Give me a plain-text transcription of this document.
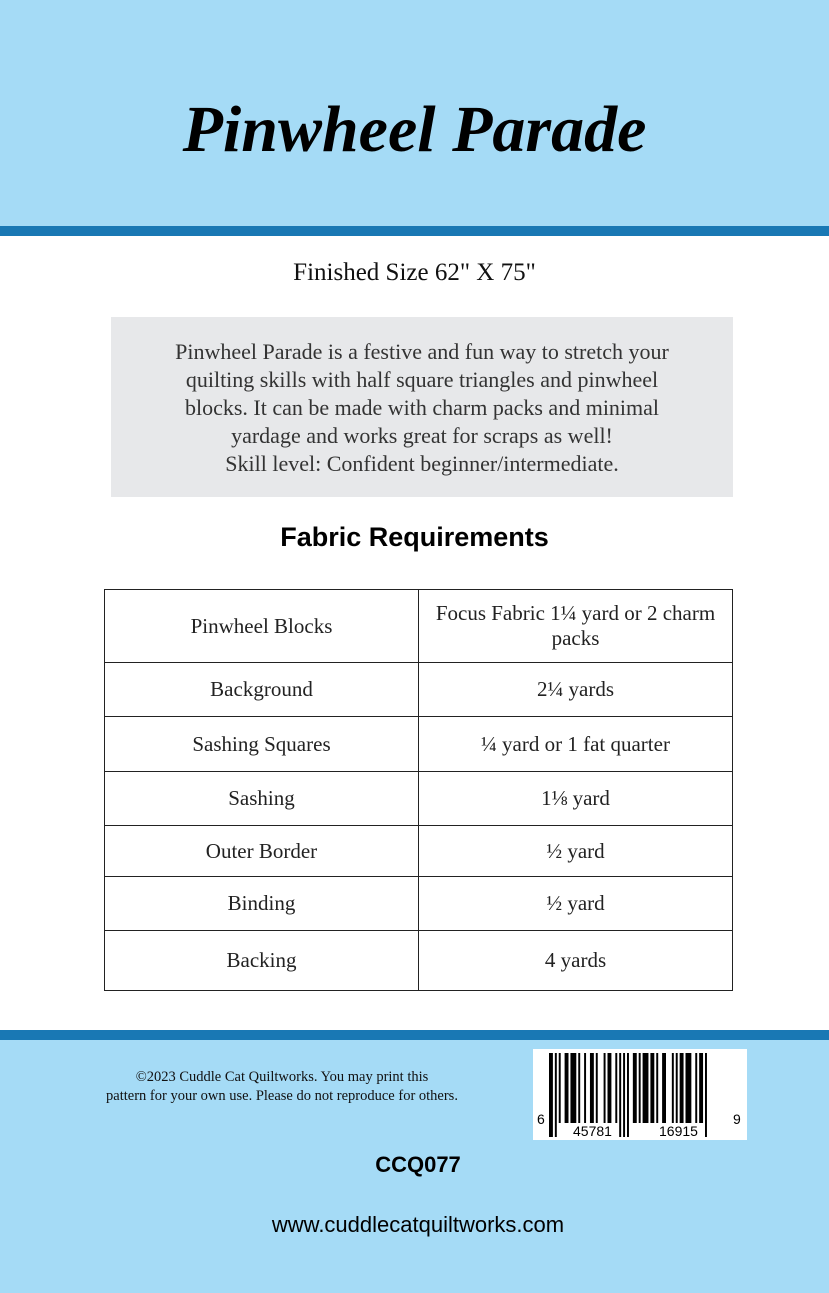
Pinwheel Parade
Finished Size 62" X 75"
Pinwheel Parade is a festive and fun way to stretch your
quilting skills with half square triangles and pinwheel
blocks. It can be made with charm packs and minimal
yardage and works great for scraps as well!
Skill level: Confident beginner/intermediate.
Fabric Requirements
Pinwheel Blocks	Focus Fabric 1¼ yard or 2 charm packs
Background	2¼ yards
Sashing Squares	¼ yard or 1 fat quarter
Sashing	1⅛ yard
Outer Border	½ yard
Binding	½ yard
Backing	4 yards
©2023 Cuddle Cat Quiltworks. You may print this
pattern for your own use. Please do not reproduce for others.
6
45781	16915
9
CCQ077
www.cuddlecatquiltworks.com
